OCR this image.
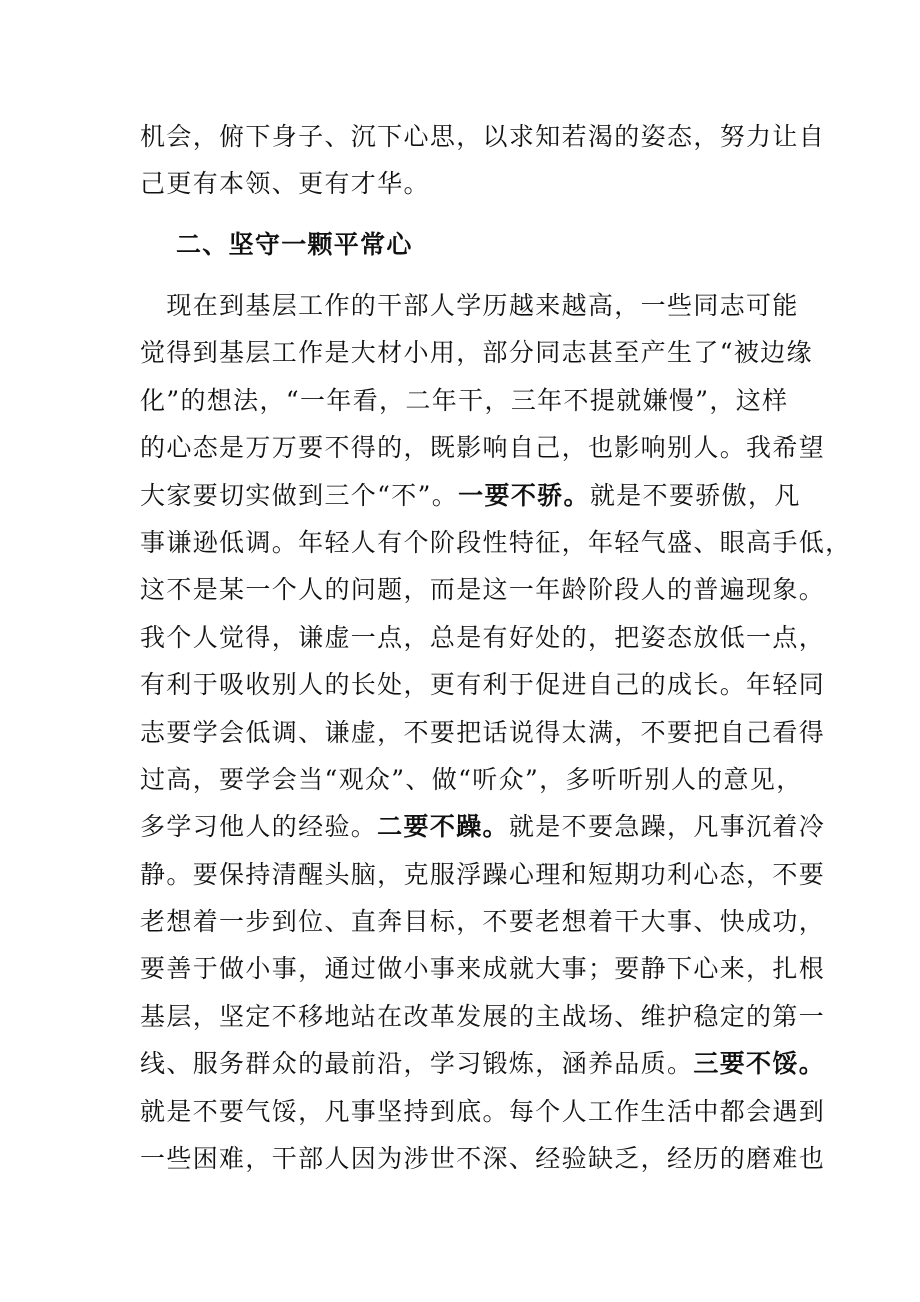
机会，俯下身子、沉下心思，以求知若渴的姿态，努力让自
己更有本领、更有才华。
二、坚守一颗平常心
　现在到基层工作的干部人学历越来越高，一些同志可能
觉得到基层工作是大材小用，部分同志甚至产生了“被边缘
化”的想法，“一年看，二年干，三年不提就嫌慢”，这样
的心态是万万要不得的，既影响自己，也影响别人。我希望
大家要切实做到三个“不”。一要不骄。就是不要骄傲，凡
事谦逊低调。年轻人有个阶段性特征，年轻气盛、眼高手低，
这不是某一个人的问题，而是这一年龄阶段人的普遍现象。
我个人觉得，谦虚一点，总是有好处的，把姿态放低一点，
有利于吸收别人的长处，更有利于促进自己的成长。年轻同
志要学会低调、谦虚，不要把话说得太满，不要把自己看得
过高，要学会当“观众”、做“听众”，多听听别人的意见，
多学习他人的经验。二要不躁。就是不要急躁，凡事沉着冷
静。要保持清醒头脑，克服浮躁心理和短期功利心态，不要
老想着一步到位、直奔目标，不要老想着干大事、快成功，
要善于做小事，通过做小事来成就大事；要静下心来，扎根
基层，坚定不移地站在改革发展的主战场、维护稳定的第一
线、服务群众的最前沿，学习锻炼，涵养品质。三要不馁。
就是不要气馁，凡事坚持到底。每个人工作生活中都会遇到
一些困难，干部人因为涉世不深、经验缺乏，经历的磨难也
